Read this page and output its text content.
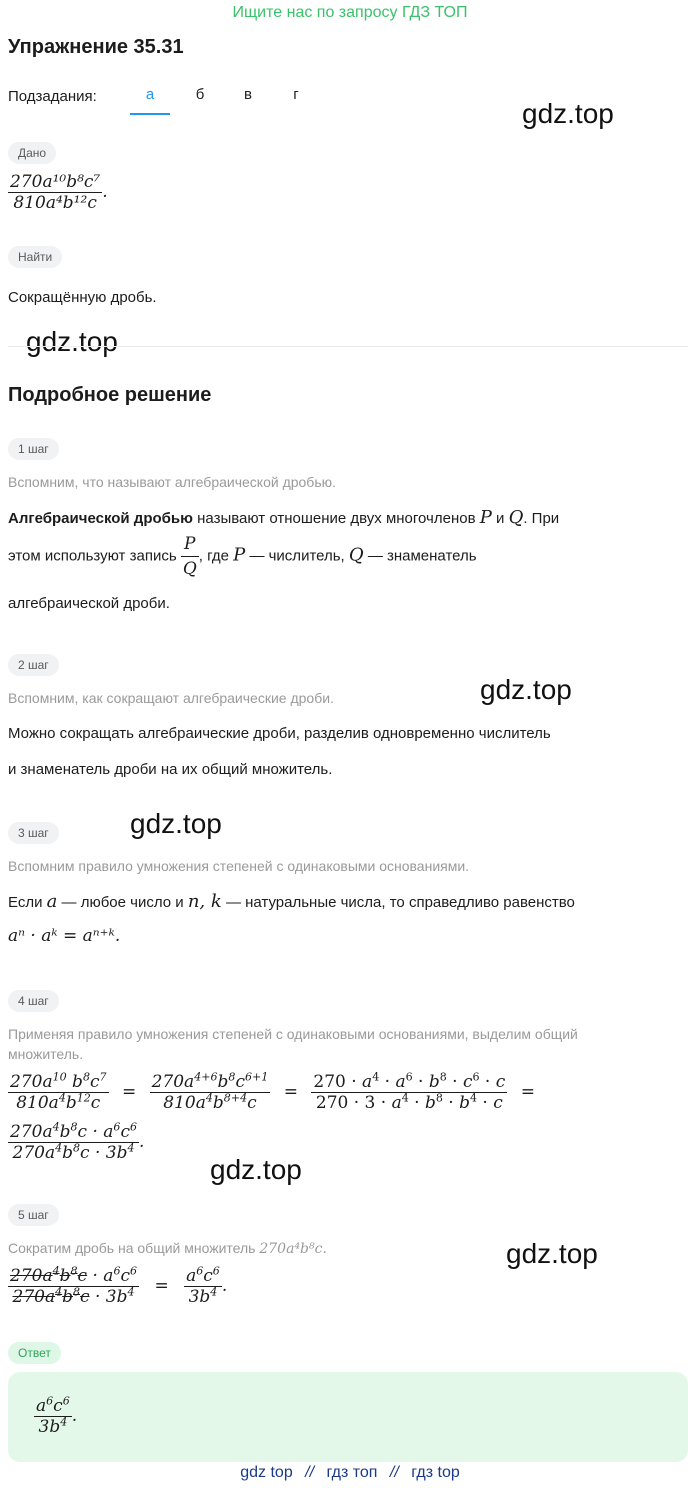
Ищите нас по запросу ГДЗ ТОП
Упражнение 35.31
Подзадания:	а	б	в	г
gdz.top
Дано
$\frac{\text{270a¹⁰b⁸c⁷}}{\text{810a⁴b¹²c}}$ .
Найти
Сокращённую дробь.
gdz.top
Подробное решение
1 шаг
Вспомним, что называют алгебраической дробью.
Алгебраической дробью называют отношение двух многочленов P и Q. При
этом используют запись $\frac{P}{Q}$ , где P — числитель, Q — знаменатель
алгебраической дроби.
2 шаг
Вспомним, как сокращают алгебраические дроби.	gdz.top
Можно сокращать алгебраические дроби, разделив одновременно числитель
и знаменатель дроби на их общий множитель.
3 шаг	gdz.top
Вспомним правило умножения степеней с одинаковыми основаниями.
Если a — любое число и n, k — натуральные числа, то справедливо равенство
aⁿ · aᵏ = aⁿ⁺ᵏ.
4 шаг
Применяя правило умножения степеней с одинаковыми основаниями, выделим общий
множитель.
$\frac{270a^{10} b^8c^7}{810a^4b^{12}c} = \frac{270a^{4+6}b^8c^{6+1}}{810a^4b^{8+4}c} = \frac{270 \cdot a^4 \cdot a^6 \cdot b^8 \cdot c^6 \cdot c}{270 \cdot 3 \cdot a^4 \cdot b^8 \cdot b^4 \cdot c}$ =
$\frac{270a^4b^8c \cdot a^6c^6}{270a^4b^8c \cdot 3b^4}$ .
gdz.top
5 шаг
Сократим дробь на общий множитель 270a⁴b⁸c.	gdz.top
$\frac{270a^4b^8c \cdot a^6c^6}{270a^4b^8c \cdot 3b^4} = \frac{a^6c^6}{3b^4}$ .
Ответ
$\frac{a^6c^6}{3b^4}$ .
gdz top // гдз топ // гдз top
